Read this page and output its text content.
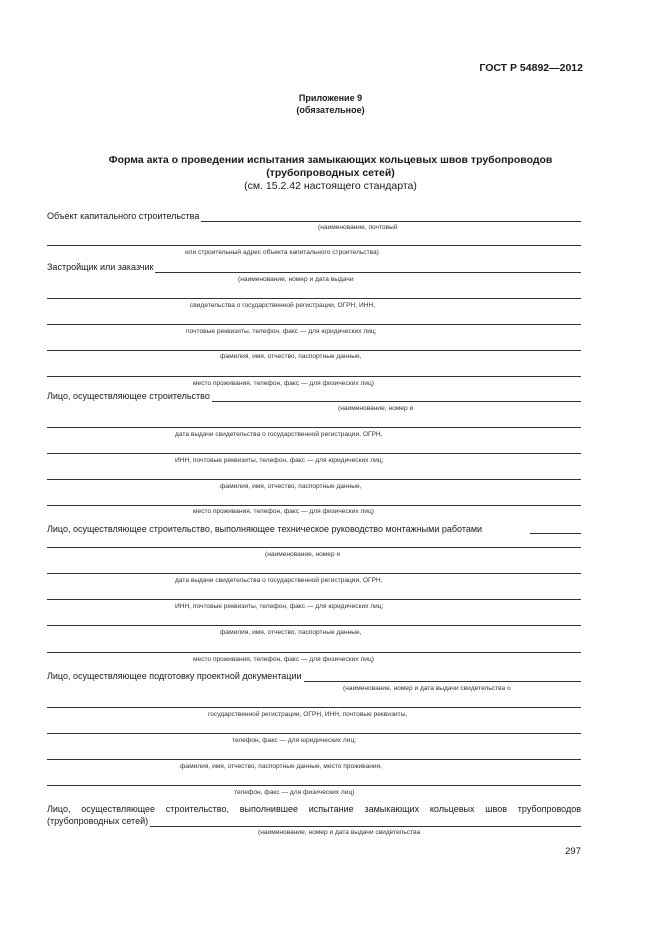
ГОСТ Р 54892—2012
Приложение 9
(обязательное)
Форма акта о проведении испытания замыкающих кольцевых швов трубопроводов
(трубопроводных сетей)
(см. 15.2.42 настоящего стандарта)
Объект капитального строительства
(наименование, почтовый
или строительный адрес объекта капитального строительства)
Застройщик или заказчик
(наименование, номер и дата выдачи
свидетельства о государственной регистрации, ОГРН, ИНН,
почтовые реквизиты, телефон, факс — для юридических лиц;
фамилия, имя, отчество, паспортные данные,
место проживания, телефон, факс — для физических лиц)
Лицо, осуществляющее строительство
(наименование, номер и
дата выдачи свидетельства о государственной регистрации, ОГРН,
ИНН, почтовые реквизиты, телефон, факс — для юридических лиц;
фамилия, имя, отчество, паспортные данные,
место проживания, телефон, факс — для физических лиц)
Лицо, осуществляющее строительство, выполняющее техническое руководство монтажными работами
(наименование, номер и
дата выдачи свидетельства о государственной регистрации, ОГРН,
ИНН, почтовые реквизиты, телефон, факс — для юридических лиц;
фамилия, имя, отчество, паспортные данные,
место проживания, телефон, факс — для физических лиц)
Лицо, осуществляющее подготовку проектной документации
(наименование, номер и дата выдачи свидетельства о
государственной регистрации, ОГРН, ИНН, почтовые реквизиты,
телефон, факс — для юридических лиц;
фамилия, имя, отчество, паспортные данные, место проживания,
телефон, факс — для физических лиц)
Лицо, осуществляющее строительство, выполнившее испытание замыкающих кольцевых швов трубопроводов
(трубопроводных сетей)
(наименование, номер и дата выдачи свидетельства
297
